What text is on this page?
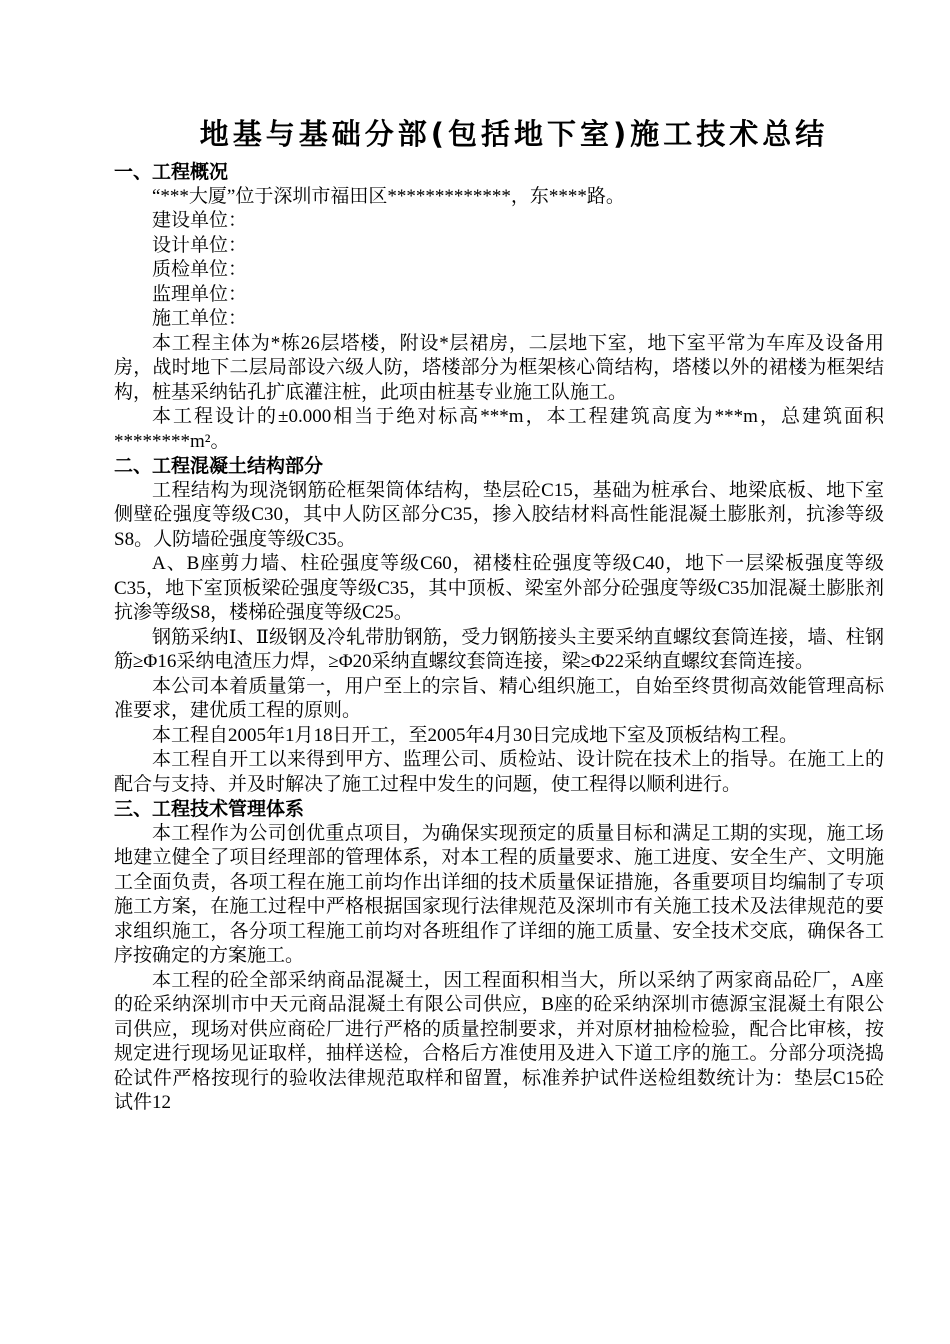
地基与基础分部(包括地下室)施工技术总结
一、工程概况

“***大厦”位于深圳市福田区*************，东****路。

建设单位：

设计单位：

质检单位：

监理单位：

施工单位：

本工程主体为*栋26层塔楼，附设*层裙房，二层地下室，地下室平常为车库及设备用房，战时地下二层局部设六级人防，塔楼部分为框架核心筒结构，塔楼以外的裙楼为框架结构，桩基采纳钻孔扩底灌注桩，此项由桩基专业施工队施工。

本工程设计的±0.000相当于绝对标高***m，本工程建筑高度为***m，总建筑面积********m²。

二、工程混凝土结构部分

工程结构为现浇钢筋砼框架筒体结构，垫层砼C15，基础为桩承台、地梁底板、地下室侧壁砼强度等级C30，其中人防区部分C35，掺入胶结材料高性能混凝土膨胀剂，抗渗等级S8。人防墙砼强度等级C35。

A、B座剪力墙、柱砼强度等级C60，裙楼柱砼强度等级C40，地下一层梁板强度等级C35，地下室顶板梁砼强度等级C35，其中顶板、梁室外部分砼强度等级C35加混凝土膨胀剂抗渗等级S8，楼梯砼强度等级C25。

钢筋采纳Ⅰ、Ⅱ级钢及冷轧带肋钢筋，受力钢筋接头主要采纳直螺纹套筒连接，墙、柱钢筋≥Φ16采纳电渣压力焊，≥Φ20采纳直螺纹套筒连接，梁≥Φ22采纳直螺纹套筒连接。

本公司本着质量第一，用户至上的宗旨、精心组织施工，自始至终贯彻高效能管理高标准要求，建优质工程的原则。

本工程自2005年1月18日开工，至2005年4月30日完成地下室及顶板结构工程。

本工程自开工以来得到甲方、监理公司、质检站、设计院在技术上的指导。在施工上的配合与支持、并及时解决了施工过程中发生的问题，使工程得以顺利进行。

三、工程技术管理体系

本工程作为公司创优重点项目，为确保实现预定的质量目标和满足工期的实现，施工场地建立健全了项目经理部的管理体系，对本工程的质量要求、施工进度、安全生产、文明施工全面负责，各项工程在施工前均作出详细的技术质量保证措施，各重要项目均编制了专项施工方案，在施工过程中严格根据国家现行法律规范及深圳市有关施工技术及法律规范的要求组织施工，各分项工程施工前均对各班组作了详细的施工质量、安全技术交底，确保各工序按确定的方案施工。

本工程的砼全部采纳商品混凝土，因工程面积相当大，所以采纳了两家商品砼厂，A座的砼采纳深圳市中天元商品混凝土有限公司供应，B座的砼采纳深圳市德源宝混凝土有限公司供应，现场对供应商砼厂进行严格的质量控制要求，并对原材抽检检验，配合比审核，按规定进行现场见证取样，抽样送检，合格后方准使用及进入下道工序的施工。分部分项浇捣砼试件严格按现行的验收法律规范取样和留置，标准养护试件送检组数统计为：垫层C15砼试件12
